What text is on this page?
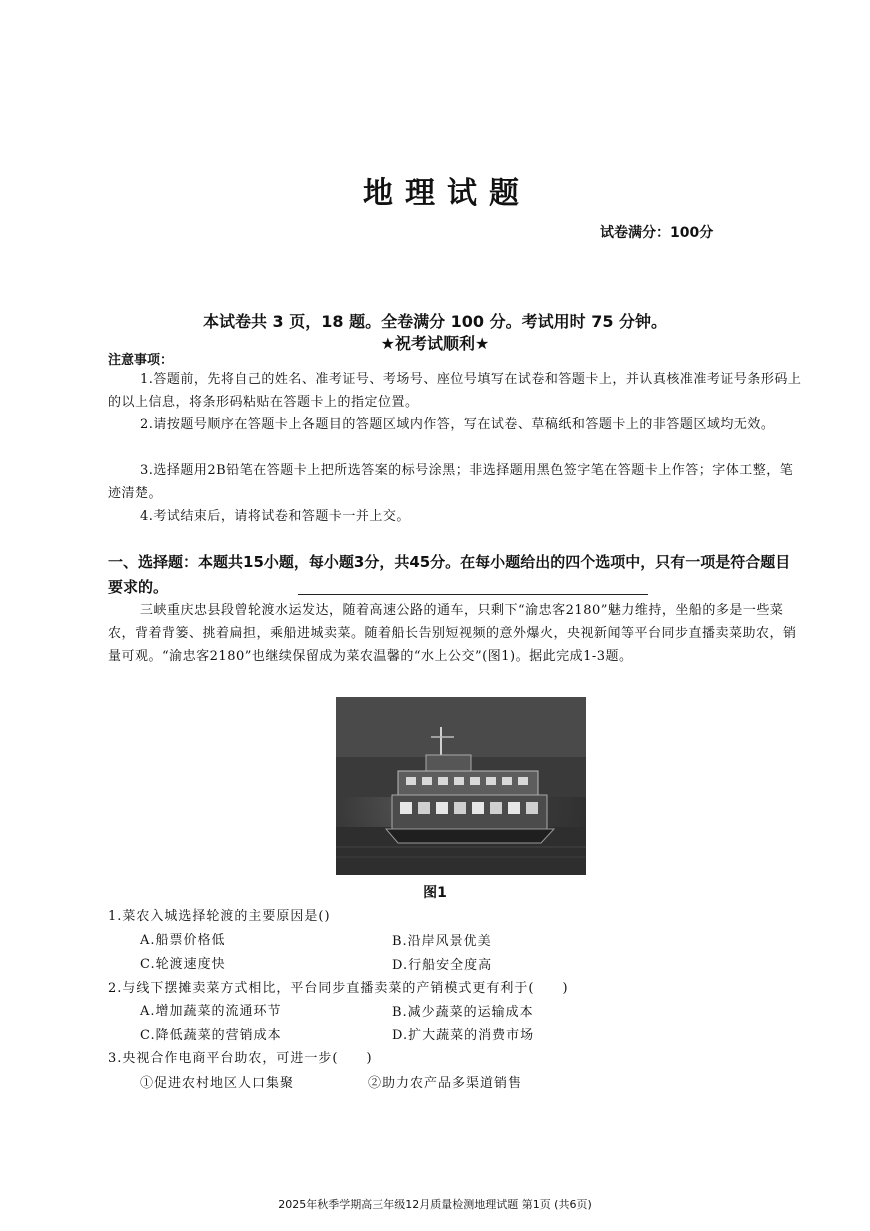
地理试题
试卷满分：100分
本试卷共 3 页，18 题。全卷满分 100 分。考试用时 75 分钟。
★祝考试顺利★
注意事项：
1.答题前，先将自己的姓名、准考证号、考场号、座位号填写在试卷和答题卡上，并认真核准准考证号条形码上的以上信息，将条形码粘贴在答题卡上的指定位置。
2.请按题号顺序在答题卡上各题目的答题区域内作答，写在试卷、草稿纸和答题卡上的非答题区域均无效。
3.选择题用2B铅笔在答题卡上把所选答案的标号涂黑；非选择题用黑色签字笔在答题卡上作答；字体工整，笔迹清楚。
4.考试结束后，请将试卷和答题卡一并上交。
一、选择题：本题共15小题，每小题3分，共45分。在每小题给出的四个选项中，只有一项是符合题目要求的。
三峡重庆忠县段曾轮渡水运发达，随着高速公路的通车，只剩下“渝忠客2180”魅力维持，坐船的多是一些菜农，背着背篓、挑着扁担，乘船进城卖菜。随着船长告别短视频的意外爆火，央视新闻等平台同步直播卖菜助农，销量可观。“渝忠客2180”也继续保留成为菜农温馨的“水上公交”(图1)。据此完成1-3题。
图1
1.菜农入城选择轮渡的主要原因是()
A.船票价格低	B.沿岸风景优美
C.轮渡速度快	D.行船安全度高
2.与线下摆摊卖菜方式相比，平台同步直播卖菜的产销模式更有利于(　　)
A.增加蔬菜的流通环节	B.减少蔬菜的运输成本
C.降低蔬菜的营销成本	D.扩大蔬菜的消费市场
3.央视合作电商平台助农，可进一步(　　)
①促进农村地区人口集聚	②助力农产品多渠道销售
2025年秋季学期高三年级12月质量检测地理试题 第1页 (共6页)
